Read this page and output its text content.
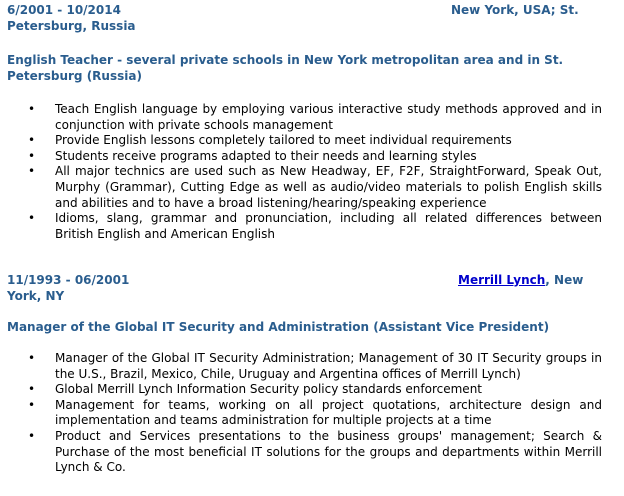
6/2001 - 10/2014	New York, USA; St.
Petersburg, Russia
English Teacher - several private schools in New York metropolitan area and in St. Petersburg (Russia)
• Teach English language by employing various interactive study methods approved and in conjunction with private schools management
• Provide English lessons completely tailored to meet individual requirements
• Students receive programs adapted to their needs and learning styles
• All major technics are used such as New Headway, EF, F2F, StraightForward, Speak Out, Murphy (Grammar), Cutting Edge as well as audio/video materials to polish English skills and abilities and to have a broad listening/hearing/speaking experience
• Idioms, slang, grammar and pronunciation, including all related differences between British English and American English
11/1993 - 06/2001	Merrill Lynch, New
York, NY
Manager of the Global IT Security and Administration (Assistant Vice President)
• Manager of the Global IT Security Administration; Management of 30 IT Security groups in the U.S., Brazil, Mexico, Chile, Uruguay and Argentina offices of Merrill Lynch)
• Global Merrill Lynch Information Security policy standards enforcement
• Management for teams, working on all project quotations, architecture design and implementation and teams administration for multiple projects at a time
• Product and Services presentations to the business groups' management; Search & Purchase of the most beneficial IT solutions for the groups and departments within Merrill Lynch & Co.
